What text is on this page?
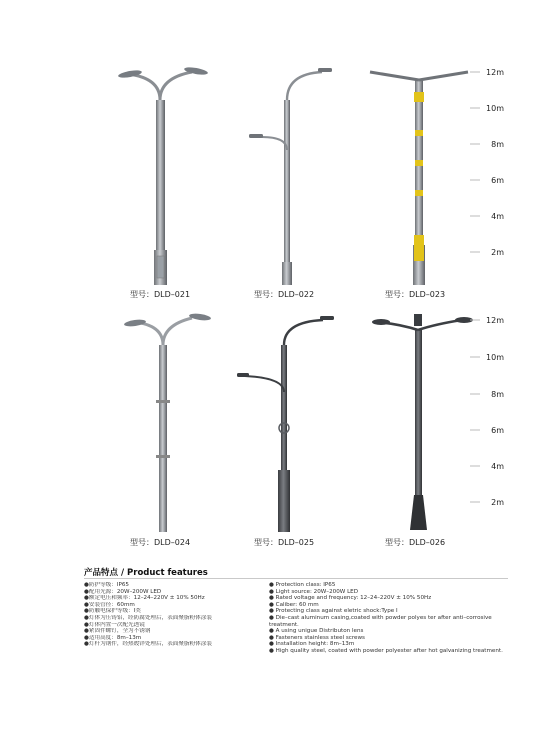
型号：DLD–021	型号：DLD–022	型号：DLD–023
型号：DLD–024	型号：DLD–025	型号：DLD–026
12m
10m
8m
6m
4m
2m
12m
10m
8m
6m
4m
2m
产品特点 / Product features
●防护等级：IP65
●配用光源：20W–200W LED
●额定电压和频率：12–24–220V ± 10% 50Hz
●安装管径：60mm
●防触电保护等级：Ⅰ类
●灯体为压铸铝，经防腐处理后，表面聚脂粉体涂装
●灯体内置一次配光透镜
●紧固件螺钉，全为不锈钢
●适用高度：8m–13m
●灯杆为钢件，经热镀锌处理后，表面聚脂粉体涂装
● Protection class: IP65
● Light source: 20W–200W LED
● Rated voltage and frequency: 12–24–220V ± 10% 50Hz
● Caliber: 60 mm
● Protecting class against eletric shock:Type Ⅰ
● Die–cast aluminum casing,coated with powder polyes ter after anti–corrosive treatment.
● A using unigue Distributon lens
● Fasteners stainless steel screws
● Installation height: 8m–13m
● High quality steel, coated with powder polyester after hot galvanizing treatment.
